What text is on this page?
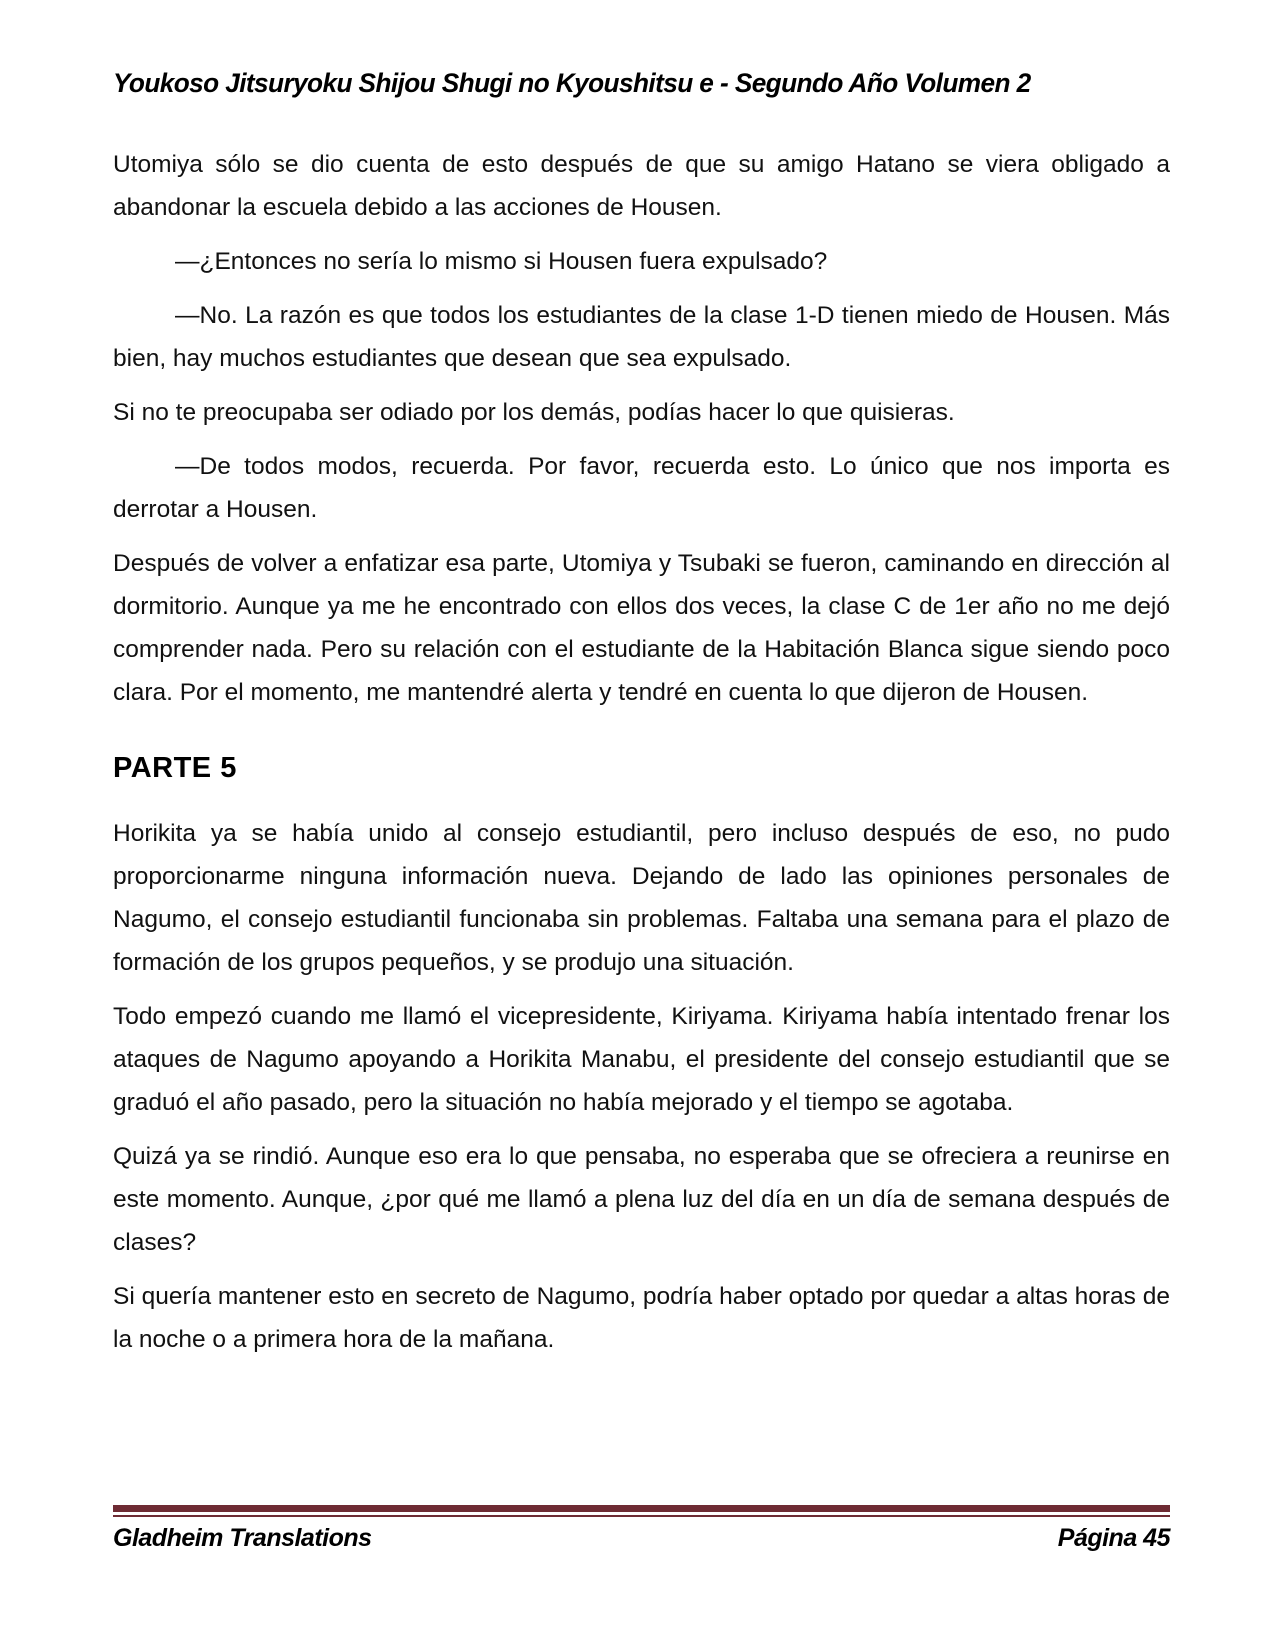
Youkoso Jitsuryoku Shijou Shugi no Kyoushitsu e - Segundo Año Volumen 2

Utomiya sólo se dio cuenta de esto después de que su amigo Hatano se viera obligado a abandonar la escuela debido a las acciones de Housen.

—¿Entonces no sería lo mismo si Housen fuera expulsado?

—No. La razón es que todos los estudiantes de la clase 1-D tienen miedo de Housen. Más bien, hay muchos estudiantes que desean que sea expulsado.

Si no te preocupaba ser odiado por los demás, podías hacer lo que quisieras.

—De todos modos, recuerda. Por favor, recuerda esto. Lo único que nos importa es derrotar a Housen.

Después de volver a enfatizar esa parte, Utomiya y Tsubaki se fueron, caminando en dirección al dormitorio. Aunque ya me he encontrado con ellos dos veces, la clase C de 1er año no me dejó comprender nada. Pero su relación con el estudiante de la Habitación Blanca sigue siendo poco clara. Por el momento, me mantendré alerta y tendré en cuenta lo que dijeron de Housen.

PARTE 5

Horikita ya se había unido al consejo estudiantil, pero incluso después de eso, no pudo proporcionarme ninguna información nueva. Dejando de lado las opiniones personales de Nagumo, el consejo estudiantil funcionaba sin problemas. Faltaba una semana para el plazo de formación de los grupos pequeños, y se produjo una situación.

Todo empezó cuando me llamó el vicepresidente, Kiriyama. Kiriyama había intentado frenar los ataques de Nagumo apoyando a Horikita Manabu, el presidente del consejo estudiantil que se graduó el año pasado, pero la situación no había mejorado y el tiempo se agotaba.

Quizá ya se rindió. Aunque eso era lo que pensaba, no esperaba que se ofreciera a reunirse en este momento. Aunque, ¿por qué me llamó a plena luz del día en un día de semana después de clases?

Si quería mantener esto en secreto de Nagumo, podría haber optado por quedar a altas horas de la noche o a primera hora de la mañana.

Gladheim Translations	Página 45
